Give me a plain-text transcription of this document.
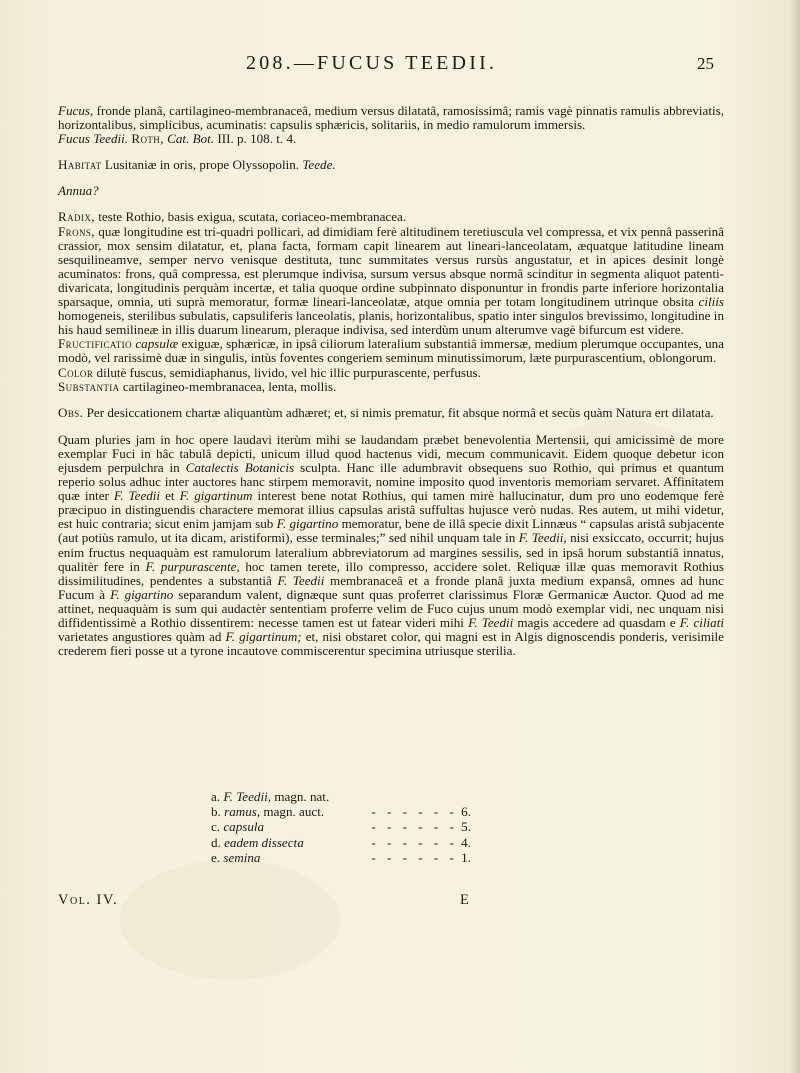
208.—FUCUS TEEDII.	25

Fucus, fronde planâ, cartilagineo-membranaceâ, medium versus dilatatâ, ramosissimâ; ramis vagè pinnatis ramulis abbreviatis, horizontalibus, simplicibus, acuminatis: capsulis sphæricis, solitariis, in medio ramulorum immersis.

Fucus Teedii. Roth, Cat. Bot. III. p. 108. t. 4.

Habitat Lusitaniæ in oris, prope Olyssopolin. Teede.

Annua?

Radix, teste Rothio, basis exigua, scutata, coriaceo-membranacea.

Frons, quæ longitudine est tri-quadri pollicari, ad dimidiam ferè altitudinem teretiuscula vel compressa, et vix pennâ passerinâ crassior, mox sensim dilatatur, et, plana facta, formam capit linearem aut lineari-lanceolatam, æquatque latitudine lineam sesquilineamve, semper nervo venisque destituta, tunc summitates versus rursùs angustatur, et in apices desinit longè acuminatos: frons, quâ compressa, est plerumque indivisa, sursum versus absque normâ scinditur in segmenta aliquot patenti-divaricata, longitudinis perquàm incertæ, et talia quoque ordine subpinnato disponuntur in frondis parte inferiore horizontalia sparsaque, omnia, uti suprà memoratur, formæ lineari-lanceolatæ, atque omnia per totam longitudinem utrinque obsita ciliis homogeneis, sterilibus subulatis, capsuliferis lanceolatis, planis, horizontalibus, spatio inter singulos brevissimo, longitudine in his haud semilineæ in illis duarum linearum, pleraque indivisa, sed interdùm unum alterumve vagè bifurcum est videre.

Fructificatio capsulæ exiguæ, sphæricæ, in ipsâ ciliorum lateralium substantiâ immersæ, medium plerumque occupantes, una modò, vel rarissimè duæ in singulis, intùs foventes congeriem seminum minutissimorum, læte purpurascentium, oblongorum.

Color dilutè fuscus, semidiaphanus, livido, vel hic illic purpurascente, perfusus.

Substantia cartilagineo-membranacea, lenta, mollis.

Obs. Per desiccationem chartæ aliquantùm adhæret; et, si nimis prematur, fit absque normâ et secùs quàm Natura ert dilatata.

Quam pluries jam in hoc opere laudavi iterùm mihi se laudandam præbet benevolentia Mertensii, qui amicissimè de more exemplar Fuci in hâc tabulâ depicti, unicum illud quod hactenus vidi, mecum communicavit. Eidem quoque debetur icon ejusdem perpulchra in Catalectis Botanicis sculpta. Hanc ille adumbravit obsequens suo Rothio, qui primus et quantum reperio solus adhuc inter auctores hanc stirpem memoravit, nomine imposito quod inventoris memoriam servaret. Affinitatem quæ inter F. Teedii et F. gigartinum interest bene notat Rothius, qui tamen mirè hallucinatur, dum pro uno eodemque ferè præcipuo in distinguendis charactere memorat illius capsulas aristâ suffultas hujusce verò nudas. Res autem, ut mihi videtur, est huic contraria; sicut enim jamjam sub F. gigartino memoratur, bene de illâ specie dixit Linnæus “ capsulas aristâ subjacente (aut potiùs ramulo, ut ita dicam, aristiformi), esse terminales;” sed nihil unquam tale in F. Teedii, nisi exsiccato, occurrit; hujus enim fructus nequaquàm est ramulorum lateralium abbreviatorum ad margines sessilis, sed in ipsâ horum substantiâ innatus, qualitèr fere in F. purpurascente, hoc tamen terete, illo compresso, accidere solet. Reliquæ illæ quas memoravit Rothius dissimilitudines, pendentes a substantiâ F. Teedii membranaceâ et a fronde planâ juxta medium expansâ, omnes ad hunc Fucum à F. gigartino separandum valent, dignæque sunt quas proferret clarissimus Floræ Germanicæ Auctor. Quod ad me attinet, nequaquàm is sum qui audactèr sententiam proferre velim de Fuco cujus unum modò exemplar vidi, nec unquam nisi diffidentissimè a Rothio dissentirem: necesse tamen est ut fatear videri mihi F. Teedii magis accedere ad quasdam e F. ciliati varietates angustiores quàm ad F. gigartinum; et, nisi obstaret color, qui magni est in Algis dignoscendis ponderis, verisimile crederem fieri posse ut a tyrone incautove commiscerentur specimina utriusque sterilia.

a. F. Teedii, magn. nat.
b. ramus, magn. auct.	- - - - - - 6.
c. capsula	- - - - - - 5.
d. eadem dissecta	- - - - - - 4.
e. semina	- - - - - - 1.
Vol. IV.	E
